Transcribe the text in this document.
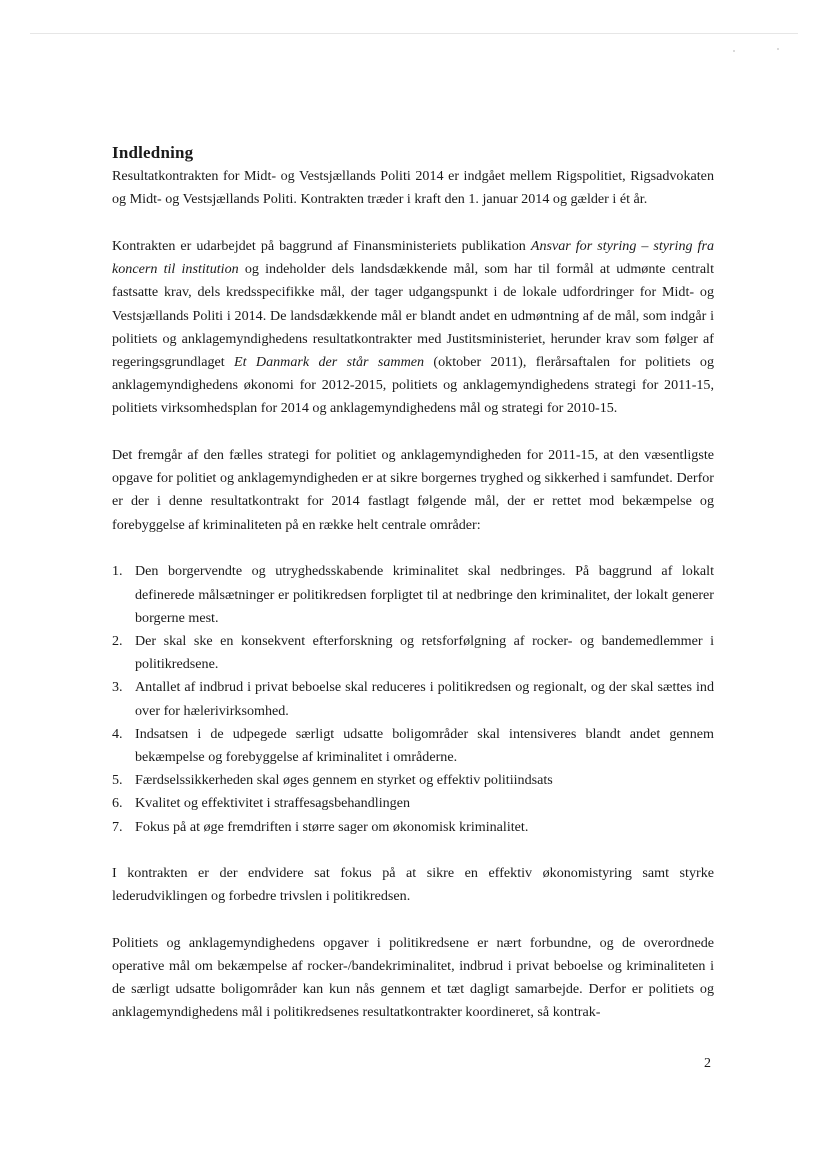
Indledning

Resultatkontrakten for Midt- og Vestsjællands Politi 2014 er indgået mellem Rigspolitiet, Rigsadvokaten og Midt- og Vestsjællands Politi. Kontrakten træder i kraft den 1. januar 2014 og gælder i ét år.

Kontrakten er udarbejdet på baggrund af Finansministeriets publikation Ansvar for styring – styring fra koncern til institution og indeholder dels landsdækkende mål, som har til formål at udmønte centralt fastsatte krav, dels kredsspecifikke mål, der tager udgangspunkt i de lokale udfordringer for Midt- og Vestsjællands Politi i 2014. De landsdækkende mål er blandt andet en udmøntning af de mål, som indgår i politiets og anklagemyndighedens resultatkontrakter med Justitsministeriet, herunder krav som følger af regeringsgrundlaget Et Danmark der står sammen (oktober 2011), flerårsaftalen for politiets og anklagemyndighedens økonomi for 2012-2015, politiets og anklagemyndighedens strategi for 2011-15, politiets virksomhedsplan for 2014 og anklagemyndighedens mål og strategi for 2010-15.

Det fremgår af den fælles strategi for politiet og anklagemyndigheden for 2011-15, at den væsentligste opgave for politiet og anklagemyndigheden er at sikre borgernes tryghed og sikkerhed i samfundet. Derfor er der i denne resultatkontrakt for 2014 fastlagt følgende mål, der er rettet mod bekæmpelse og forebyggelse af kriminaliteten på en række helt centrale områder:

1. Den borgervendte og utryghedsskabende kriminalitet skal nedbringes. På baggrund af lokalt definerede målsætninger er politikredsen forpligtet til at nedbringe den kriminalitet, der lokalt generer borgerne mest.
2. Der skal ske en konsekvent efterforskning og retsforfølgning af rocker- og bandemedlemmer i politikredsene.
3. Antallet af indbrud i privat beboelse skal reduceres i politikredsen og regionalt, og der skal sættes ind over for hælerivirksomhed.
4. Indsatsen i de udpegede særligt udsatte boligområder skal intensiveres blandt andet gennem bekæmpelse og forebyggelse af kriminalitet i områderne.
5. Færdselssikkerheden skal øges gennem en styrket og effektiv politiindsats
6. Kvalitet og effektivitet i straffesagsbehandlingen
7. Fokus på at øge fremdriften i større sager om økonomisk kriminalitet.

I kontrakten er der endvidere sat fokus på at sikre en effektiv økonomistyring samt styrke lederudviklingen og forbedre trivslen i politikredsen.

Politiets og anklagemyndighedens opgaver i politikredsene er nært forbundne, og de overordnede operative mål om bekæmpelse af rocker-/bandekriminalitet, indbrud i privat beboelse og kriminaliteten i de særligt udsatte boligområder kan kun nås gennem et tæt dagligt samarbejde. Derfor er politiets og anklagemyndighedens mål i politikredsenes resultatkontrakter koordineret, så kontrak-

2
